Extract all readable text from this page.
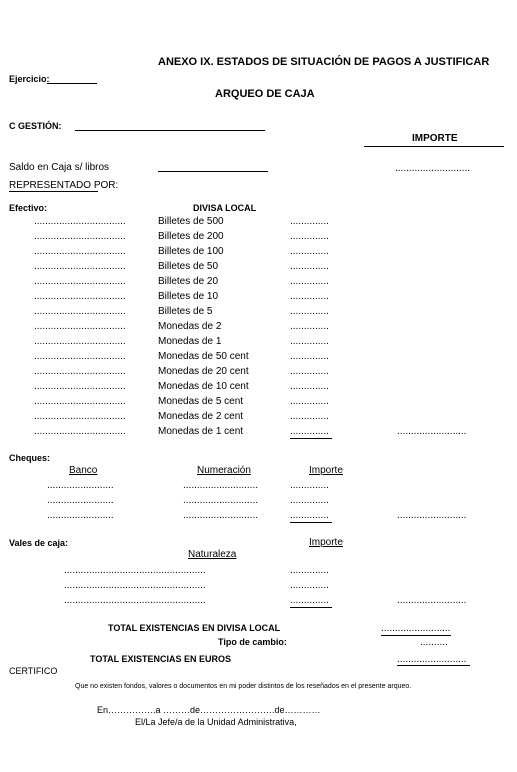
ANEXO IX. ESTADOS DE SITUACIÓN DE PAGOS A JUSTIFICAR
Ejercicio:
ARQUEO DE CAJA
C GESTIÓN:
IMPORTE
Saldo en Caja s/ libros	...........................
REPRESENTADO POR:
Efectivo:	DIVISA LOCAL
.................................	Billetes de 500	..............
.................................	Billetes de 200	..............
.................................	Billetes de 100	..............
.................................	Billetes de 50	..............
.................................	Billetes de 20	..............
.................................	Billetes de 10	..............
.................................	Billetes de 5	..............
.................................	Monedas de 2	..............
.................................	Monedas de 1	..............
.................................	Monedas de 50 cent	..............
.................................	Monedas de 20 cent	..............
.................................	Monedas de 10 cent	..............
.................................	Monedas de 5 cent	..............
.................................	Monedas de 2 cent	..............
.................................	Monedas de 1 cent	..............	.........................
Cheques:
Banco	Numeración	Importe
........................	...........................	..............
........................	...........................	..............
........................	...........................	..............	.........................
Vales de caja:
Naturaleza
Importe
...................................................	..............
...................................................	..............
...................................................	..............	.........................
TOTAL EXISTENCIAS EN DIVISA LOCAL	.........................
Tipo de cambio:	..........
TOTAL EXISTENCIAS EN EUROS	.........................
CERTIFICO
Que no existen fondos, valores o documentos en mi poder distintos de los reseñados en el presente arqueo.
En…………….a ………de…………………….de…………
El/La Jefe/a de la Unidad Administrativa,
